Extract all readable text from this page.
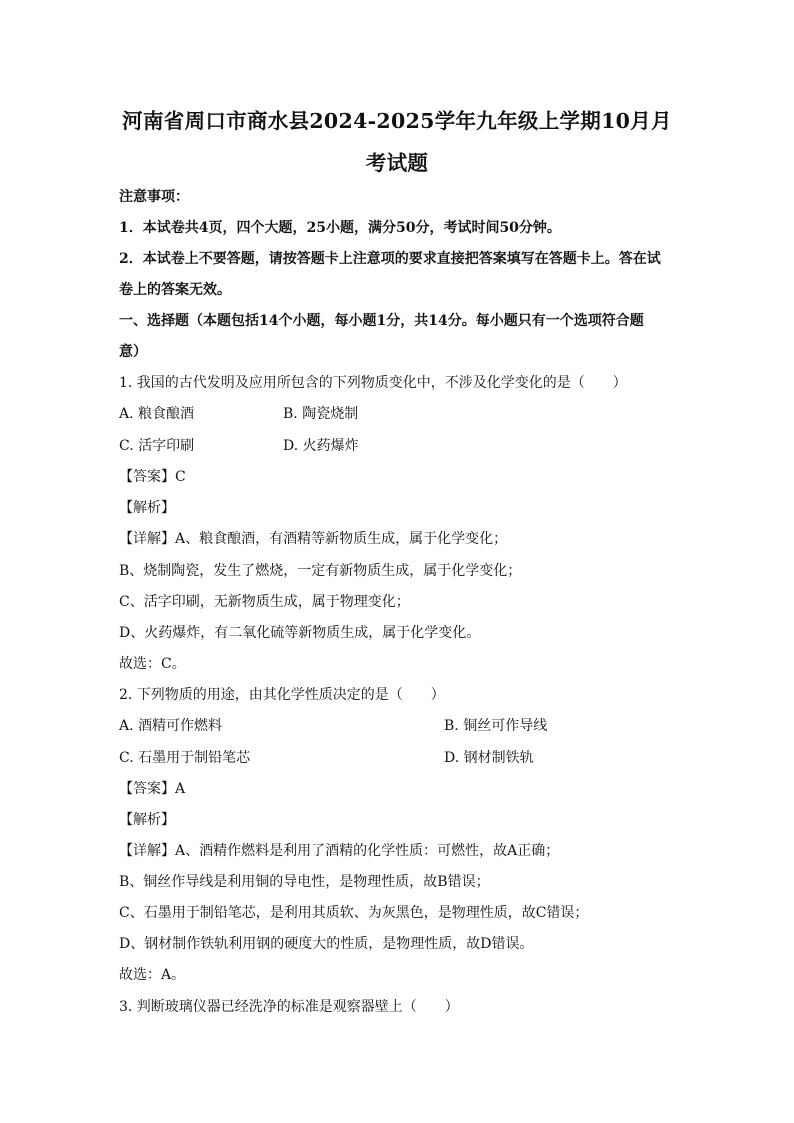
河南省周口市商水县2024-2025学年九年级上学期10月月
考试题
注意事项：
1．本试卷共4页，四个大题，25小题，满分50分，考试时间50分钟。
2．本试卷上不要答题，请按答题卡上注意项的要求直接把答案填写在答题卡上。答在试
卷上的答案无效。
一、选择题（本题包括14个小题，每小题1分，共14分。每小题只有一个选项符合题
意）
1. 我国的古代发明及应用所包含的下列物质变化中，不涉及化学变化的是（　　）
A. 粮食酿酒	B. 陶瓷烧制
C. 活字印刷	D. 火药爆炸
【答案】C
【解析】
【详解】A、粮食酿酒，有酒精等新物质生成，属于化学变化；
B、烧制陶瓷，发生了燃烧，一定有新物质生成，属于化学变化；
C、活字印刷，无新物质生成，属于物理变化；
D、火药爆炸，有二氧化硫等新物质生成，属于化学变化。
故选：C。
2. 下列物质的用途，由其化学性质决定的是（　　）
A. 酒精可作燃料	B. 铜丝可作导线
C. 石墨用于制铅笔芯	D. 钢材制铁轨
【答案】A
【解析】
【详解】A、酒精作燃料是利用了酒精的化学性质：可燃性，故A正确；
B、铜丝作导线是利用铜的导电性，是物理性质，故B错误；
C、石墨用于制铅笔芯，是利用其质软、为灰黑色，是物理性质，故C错误；
D、钢材制作铁轨利用钢的硬度大的性质，是物理性质，故D错误。
故选：A。
3. 判断玻璃仪器已经洗净的标准是观察器壁上（　　）
